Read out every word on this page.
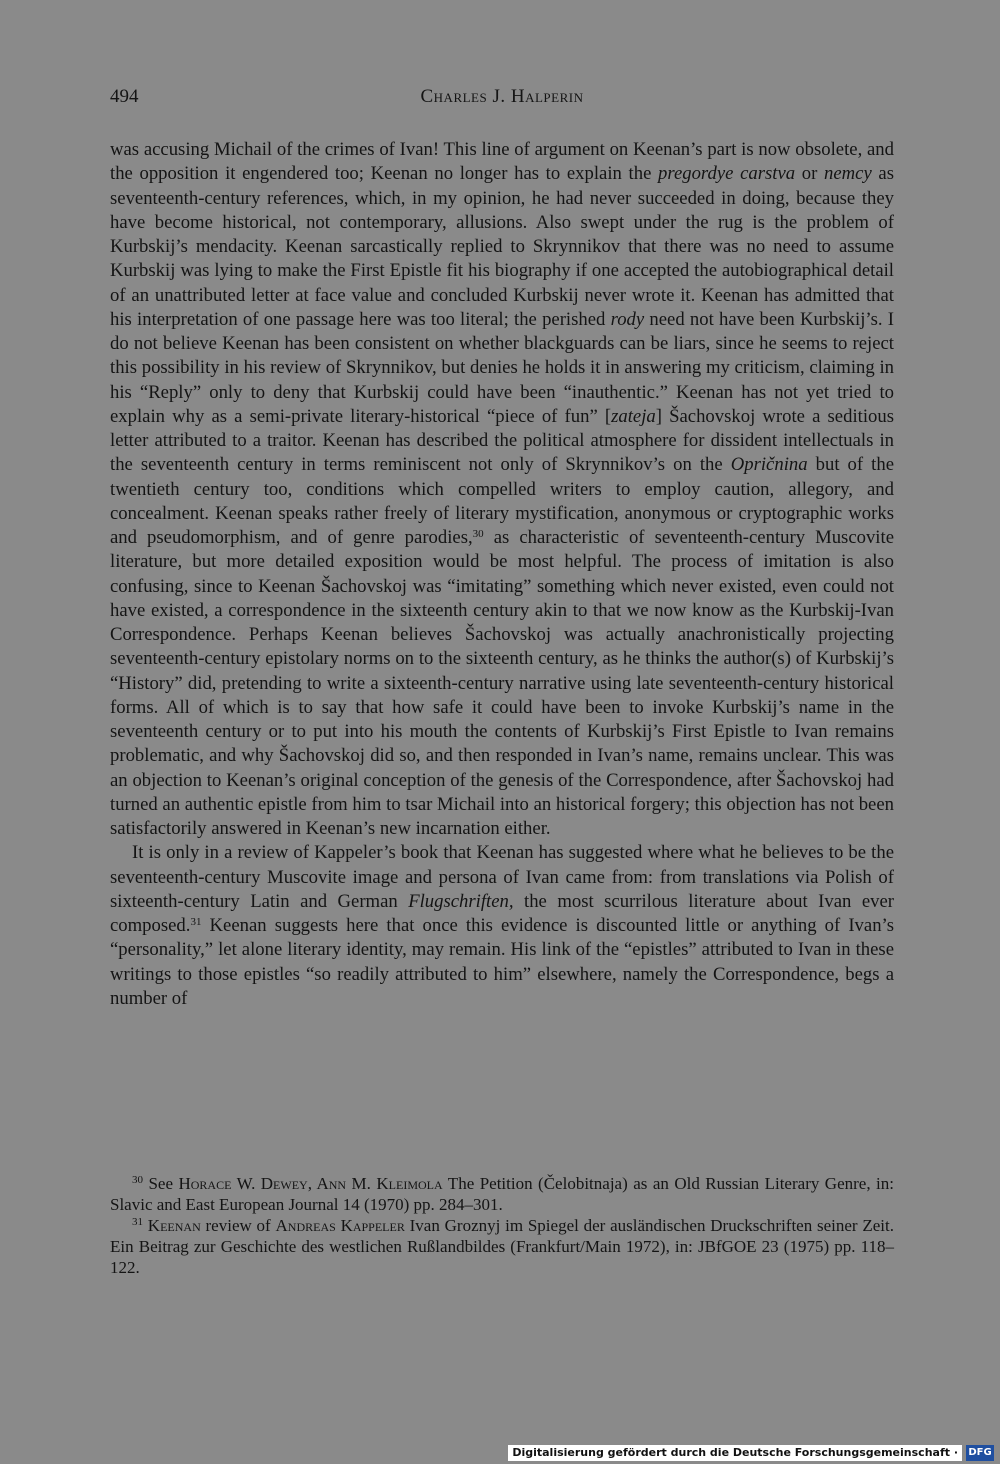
494	Charles J. Halperin

was accusing Michail of the crimes of Ivan! This line of argument on Keenan’s part is now obsolete, and the opposition it engendered too; Keenan no longer has to explain the pregordye carstva or nemcy as seventeenth-century references, which, in my opinion, he had never succeeded in doing, because they have become historical, not contemporary, allusions. Also swept under the rug is the problem of Kurbskij’s mendacity. Keenan sarcastically replied to Skrynnikov that there was no need to assume Kurbskij was lying to make the First Epistle fit his biography if one accepted the autobiographical detail of an unattributed letter at face value and concluded Kurbskij never wrote it. Keenan has admitted that his interpretation of one passage here was too literal; the perished rody need not have been Kurbskij’s. I do not believe Keenan has been consistent on whether blackguards can be liars, since he seems to reject this possibility in his review of Skrynnikov, but denies he holds it in answering my criticism, claiming in his “Reply” only to deny that Kurbskij could have been “inauthentic.” Keenan has not yet tried to explain why as a semi-private literary-historical “piece of fun” [zateja] Šachovskoj wrote a seditious letter attributed to a traitor. Keenan has described the political atmosphere for dissident intellectuals in the seventeenth century in terms reminiscent not only of Skrynnikov’s on the Opričnina but of the twentieth century too, conditions which compelled writers to employ caution, allegory, and concealment. Keenan speaks rather freely of literary mystification, anonymous or cryptographic works and pseudomorphism, and of genre parodies,$^{30}$ as characteristic of seventeenth-century Muscovite literature, but more detailed exposition would be most helpful. The process of imitation is also confusing, since to Keenan Šachovskoj was “imitating” something which never existed, even could not have existed, a correspondence in the sixteenth century akin to that we now know as the Kurbskij-Ivan Correspondence. Perhaps Keenan believes Šachovskoj was actually anachronistically projecting seventeenth-century epistolary norms on to the sixteenth century, as he thinks the author(s) of Kurbskij’s “History” did, pretending to write a sixteenth-century narrative using late seventeenth-century historical forms. All of which is to say that how safe it could have been to invoke Kurbskij’s name in the seventeenth century or to put into his mouth the contents of Kurbskij’s First Epistle to Ivan remains problematic, and why Šachovskoj did so, and then responded in Ivan’s name, remains unclear. This was an objection to Keenan’s original conception of the genesis of the Correspondence, after Šachovskoj had turned an authentic epistle from him to tsar Michail into an historical forgery; this objection has not been satisfactorily answered in Keenan’s new incarnation either.

It is only in a review of Kappeler’s book that Keenan has suggested where what he believes to be the seventeenth-century Muscovite image and persona of Ivan came from: from translations via Polish of sixteenth-century Latin and German Flugschriften, the most scurrilous literature about Ivan ever composed.$^{31}$ Keenan suggests here that once this evidence is discounted little or anything of Ivan’s “personality,” let alone literary identity, may remain. His link of the “epistles” attributed to Ivan in these writings to those epistles “so readily attributed to him” elsewhere, namely the Correspondence, begs a number of

$^{30}$ See Horace W. Dewey, Ann M. Kleimola The Petition (Čelobitnaja) as an Old Russian Literary Genre, in: Slavic and East European Journal 14 (1970) pp. 284–301.

$^{31}$ Keenan review of Andreas Kappeler Ivan Groznyj im Spiegel der ausländischen Druckschriften seiner Zeit. Ein Beitrag zur Geschichte des westlichen Rußlandbildes (Frankfurt/Main 1972), in: JBfGOE 23 (1975) pp. 118–122.

Digitalisierung gefördert durch die Deutsche Forschungsgemeinschaft ·	DFG
